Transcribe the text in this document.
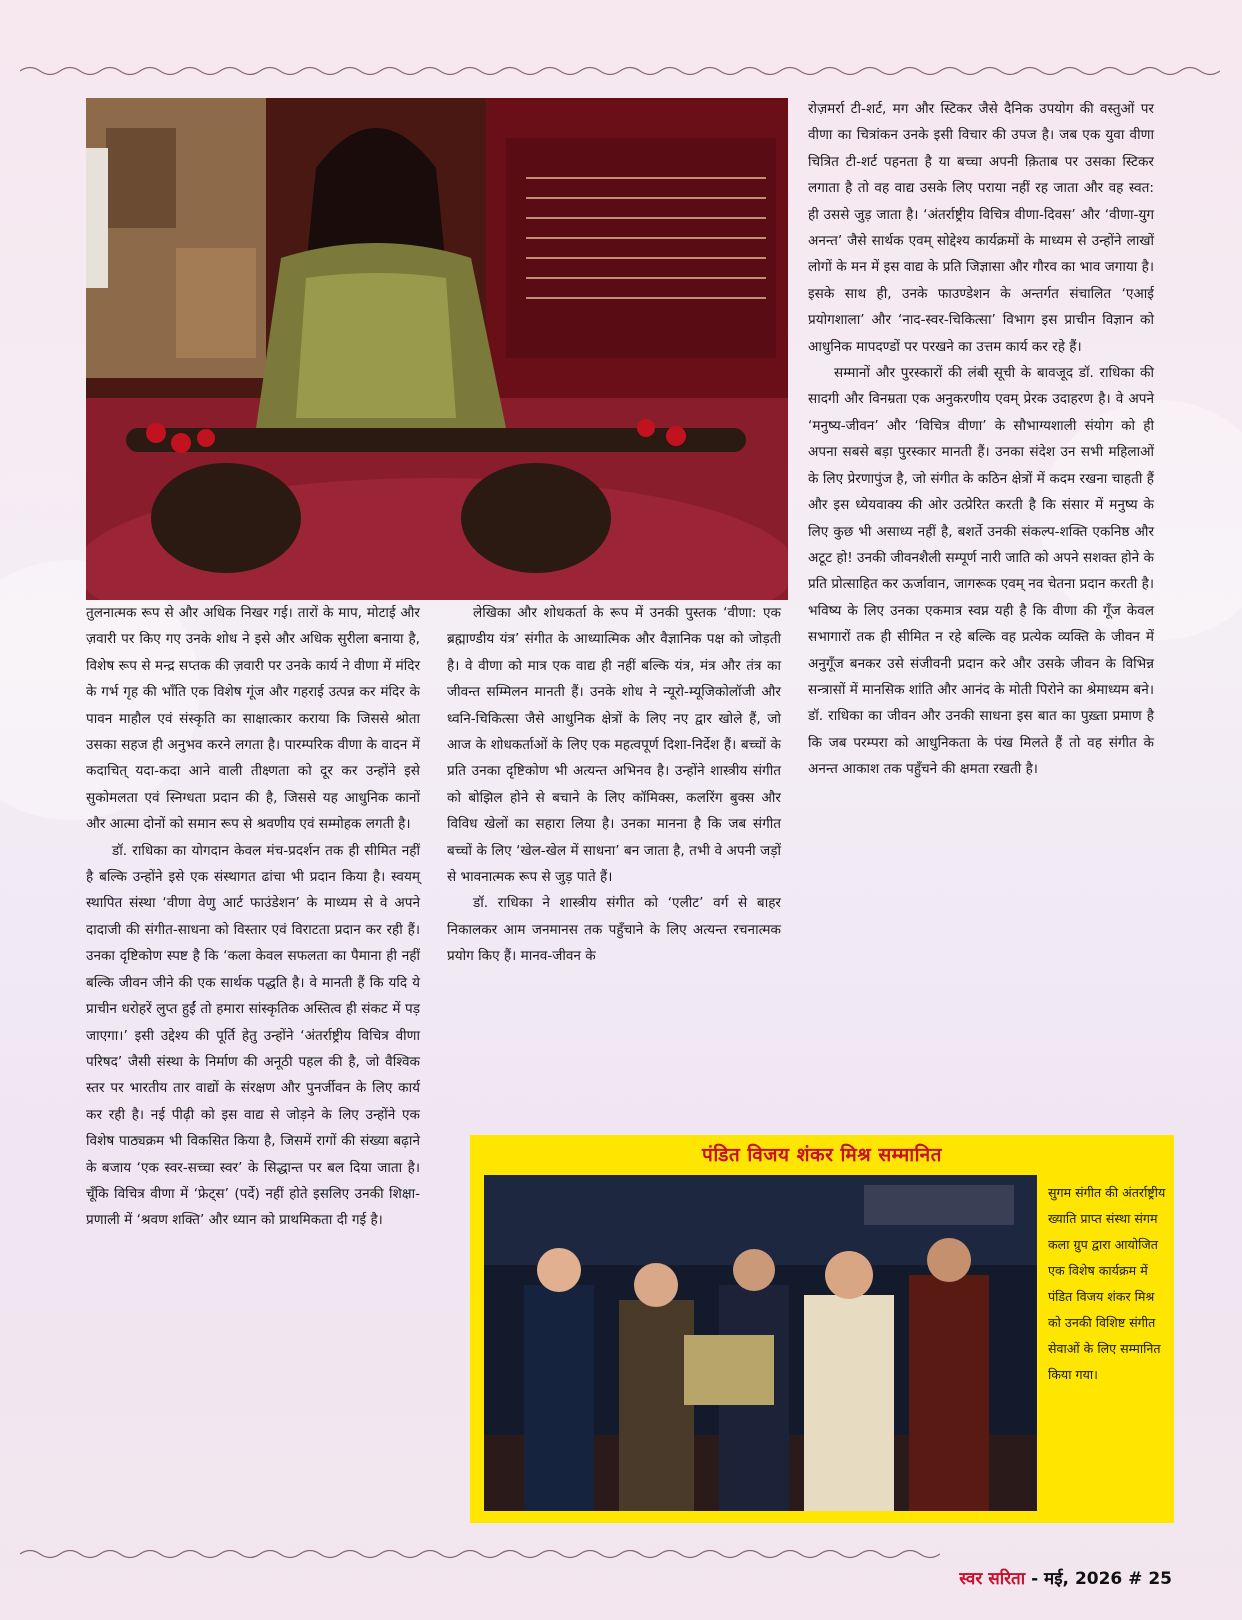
तुलनात्मक रूप से और अधिक निखर गई। तारों के माप, मोटाई और ज़वारी पर किए गए उनके शोध ने इसे और अधिक सुरीला बनाया है, विशेष रूप से मन्द्र सप्तक की ज़वारी पर उनके कार्य ने वीणा में मंदिर के गर्भ गृह की भाँति एक विशेष गूंज और गहराई उत्पन्न कर मंदिर के पावन माहौल एवं संस्कृति का साक्षात्कार कराया कि जिससे श्रोता उसका सहज ही अनुभव करने लगता है। पारम्परिक वीणा के वादन में कदाचित् यदा-कदा आने वाली तीक्ष्णता को दूर कर उन्होंने इसे सुकोमलता एवं स्निग्धता प्रदान की है, जिससे यह आधुनिक कानों और आत्मा दोनों को समान रूप से श्रवणीय एवं सम्मोहक लगती है।

डॉ. राधिका का योगदान केवल मंच-प्रदर्शन तक ही सीमित नहीं है बल्कि उन्होंने इसे एक संस्थागत ढांचा भी प्रदान किया है। स्वयम् स्थापित संस्था ‘वीणा वेणु आर्ट फाउंडेशन’ के माध्यम से वे अपने दादाजी की संगीत-साधना को विस्तार एवं विराटता प्रदान कर रही हैं। उनका दृष्टिकोण स्पष्ट है कि ‘कला केवल सफलता का पैमाना ही नहीं बल्कि जीवन जीने की एक सार्थक पद्धति है। वे मानती हैं कि यदि ये प्राचीन धरोहरें लुप्त हुईं तो हमारा सांस्कृतिक अस्तित्व ही संकट में पड़ जाएगा।’ इसी उद्देश्य की पूर्ति हेतु उन्होंने ‘अंतर्राष्ट्रीय विचित्र वीणा परिषद’ जैसी संस्था के निर्माण की अनूठी पहल की है, जो वैश्विक स्तर पर भारतीय तार वाद्यों के संरक्षण और पुनर्जीवन के लिए कार्य कर रही है। नई पीढ़ी को इस वाद्य से जोड़ने के लिए उन्होंने एक विशेष पाठ्यक्रम भी विकसित किया है, जिसमें रागों की संख्या बढ़ाने के बजाय ‘एक स्वर-सच्चा स्वर’ के सिद्धान्त पर बल दिया जाता है। चूँकि विचित्र वीणा में ‘फ्रेट्स’ (पर्दे) नहीं होते इसलिए उनकी शिक्षा-प्रणाली में ‘श्रवण शक्ति’ और ध्यान को प्राथमिकता दी गई है।

लेखिका और शोधकर्ता के रूप में उनकी पुस्तक ‘वीणा: एक ब्रह्माण्डीय यंत्र’ संगीत के आध्यात्मिक और वैज्ञानिक पक्ष को जोड़ती है। वे वीणा को मात्र एक वाद्य ही नहीं बल्कि यंत्र, मंत्र और तंत्र का जीवन्त सम्मिलन मानती हैं। उनके शोध ने न्यूरो-म्यूजिकोलॉजी और ध्वनि-चिकित्सा जैसे आधुनिक क्षेत्रों के लिए नए द्वार खोले हैं, जो आज के शोधकर्ताओं के लिए एक महत्वपूर्ण दिशा-निर्देश हैं। बच्चों के प्रति उनका दृष्टिकोण भी अत्यन्त अभिनव है। उन्होंने शास्त्रीय संगीत को बोझिल होने से बचाने के लिए कॉमिक्स, कलरिंग बुक्स और विविध खेलों का सहारा लिया है। उनका मानना है कि जब संगीत बच्चों के लिए ‘खेल-खेल में साधना’ बन जाता है, तभी वे अपनी जड़ों से भावनात्मक रूप से जुड़ पाते हैं।

डॉ. राधिका ने शास्त्रीय संगीत को ‘एलीट’ वर्ग से बाहर निकालकर आम जनमानस तक पहुँचाने के लिए अत्यन्त रचनात्मक प्रयोग किए हैं। मानव-जीवन के

रोज़मर्रा टी-शर्ट, मग और स्टिकर जैसे दैनिक उपयोग की वस्तुओं पर वीणा का चित्रांकन उनके इसी विचार की उपज है। जब एक युवा वीणा चित्रित टी-शर्ट पहनता है या बच्चा अपनी क़िताब पर उसका स्टिकर लगाता है तो वह वाद्य उसके लिए पराया नहीं रह जाता और वह स्वत: ही उससे जुड़ जाता है। ‘अंतर्राष्ट्रीय विचित्र वीणा-दिवस’ और ‘वीणा-युग अनन्त’ जैसे सार्थक एवम् सोद्देश्य कार्यक्रमों के माध्यम से उन्होंने लाखों लोगों के मन में इस वाद्य के प्रति जिज्ञासा और गौरव का भाव जगाया है। इसके साथ ही, उनके फाउण्डेशन के अन्तर्गत संचालित ‘एआई प्रयोगशाला’ और ‘नाद-स्वर-चिकित्सा’ विभाग इस प्राचीन विज्ञान को आधुनिक मापदण्डों पर परखने का उत्तम कार्य कर रहे हैं।

सम्मानों और पुरस्कारों की लंबी सूची के बावजूद डॉ. राधिका की सादगी और विनम्रता एक अनुकरणीय एवम् प्रेरक उदाहरण है। वे अपने ‘मनुष्य-जीवन’ और ‘विचित्र वीणा’ के सौभाग्यशाली संयोग को ही अपना सबसे बड़ा पुरस्कार मानती हैं। उनका संदेश उन सभी महिलाओं के लिए प्रेरणापुंज है, जो संगीत के कठिन क्षेत्रों में कदम रखना चाहती हैं और इस ध्येयवाक्य की ओर उत्प्रेरित करती है कि संसार में मनुष्य के लिए कुछ भी असाध्य नहीं है, बशर्ते उनकी संकल्प-शक्ति एकनिष्ठ और अटूट हो! उनकी जीवनशैली सम्पूर्ण नारी जाति को अपने सशक्त होने के प्रति प्रोत्साहित कर ऊर्जावान, जागरूक एवम् नव चेतना प्रदान करती है। भविष्य के लिए उनका एकमात्र स्वप्न यही है कि वीणा की गूँज केवल सभागारों तक ही सीमित न रहे बल्कि वह प्रत्येक व्यक्ति के जीवन में अनुगूँज बनकर उसे संजीवनी प्रदान करे और उसके जीवन के विभिन्न सन्त्रासों में मानसिक शांति और आनंद के मोती पिरोने का श्रेमाध्यम बने। डॉ. राधिका का जीवन और उनकी साधना इस बात का पुख़्ता प्रमाण है कि जब परम्परा को आधुनिकता के पंख मिलते हैं तो वह संगीत के अनन्त आकाश तक पहुँचने की क्षमता रखती है।

पंडित विजय शंकर मिश्र सम्मानित
सुगम संगीत की अंतर्राष्ट्रीय ख्याति प्राप्त संस्था संगम कला ग्रुप द्वारा आयोजित एक विशेष कार्यक्रम में पंडित विजय शंकर मिश्र को उनकी विशिष्ट संगीत सेवाओं के लिए सम्मानित किया गया।
स्वर सरिता - मई, 2026 # 25
